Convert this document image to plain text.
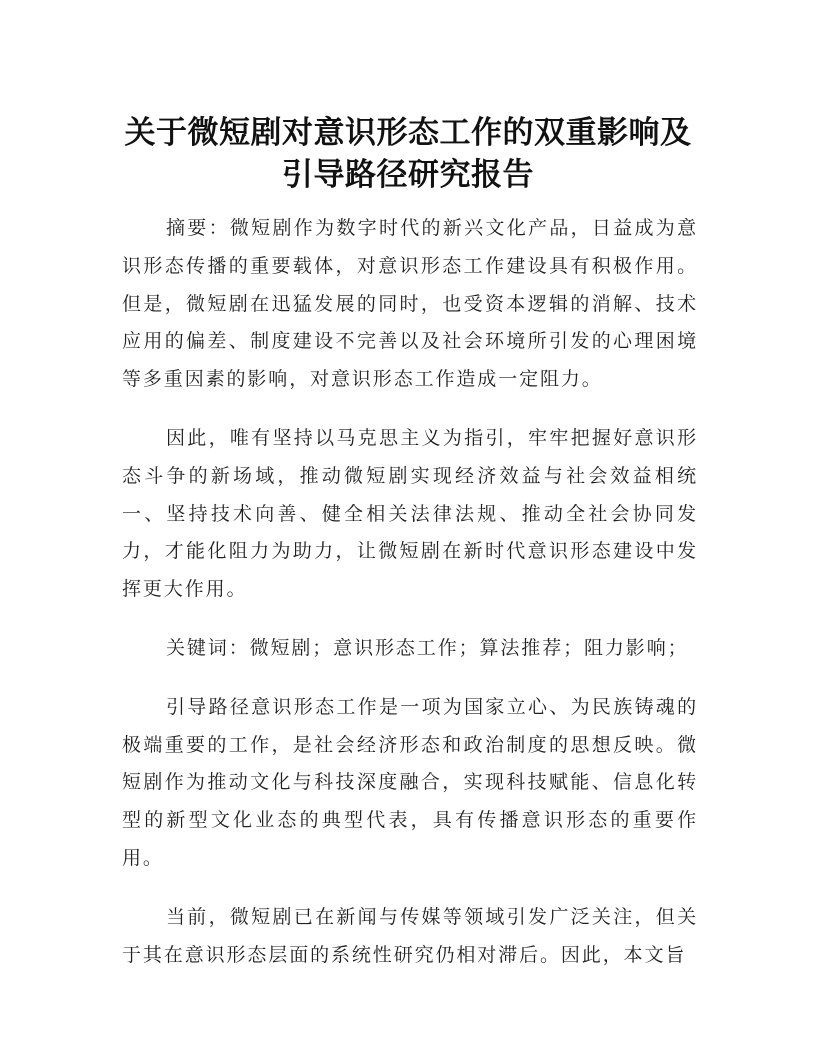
关于微短剧对意识形态工作的双重影响及引导路径研究报告

摘要：微短剧作为数字时代的新兴文化产品，日益成为意识形态传播的重要载体，对意识形态工作建设具有积极作用。但是，微短剧在迅猛发展的同时，也受资本逻辑的消解、技术应用的偏差、制度建设不完善以及社会环境所引发的心理困境等多重因素的影响，对意识形态工作造成一定阻力。

因此，唯有坚持以马克思主义为指引，牢牢把握好意识形态斗争的新场域，推动微短剧实现经济效益与社会效益相统一、坚持技术向善、健全相关法律法规、推动全社会协同发力，才能化阻力为助力，让微短剧在新时代意识形态建设中发挥更大作用。

关键词：微短剧；意识形态工作；算法推荐；阻力影响；

引导路径意识形态工作是一项为国家立心、为民族铸魂的极端重要的工作，是社会经济形态和政治制度的思想反映。微短剧作为推动文化与科技深度融合，实现科技赋能、信息化转型的新型文化业态的典型代表，具有传播意识形态的重要作用。

当前，微短剧已在新闻与传媒等领域引发广泛关注，但关于其在意识形态层面的系统性研究仍相对滞后。因此，本文旨
